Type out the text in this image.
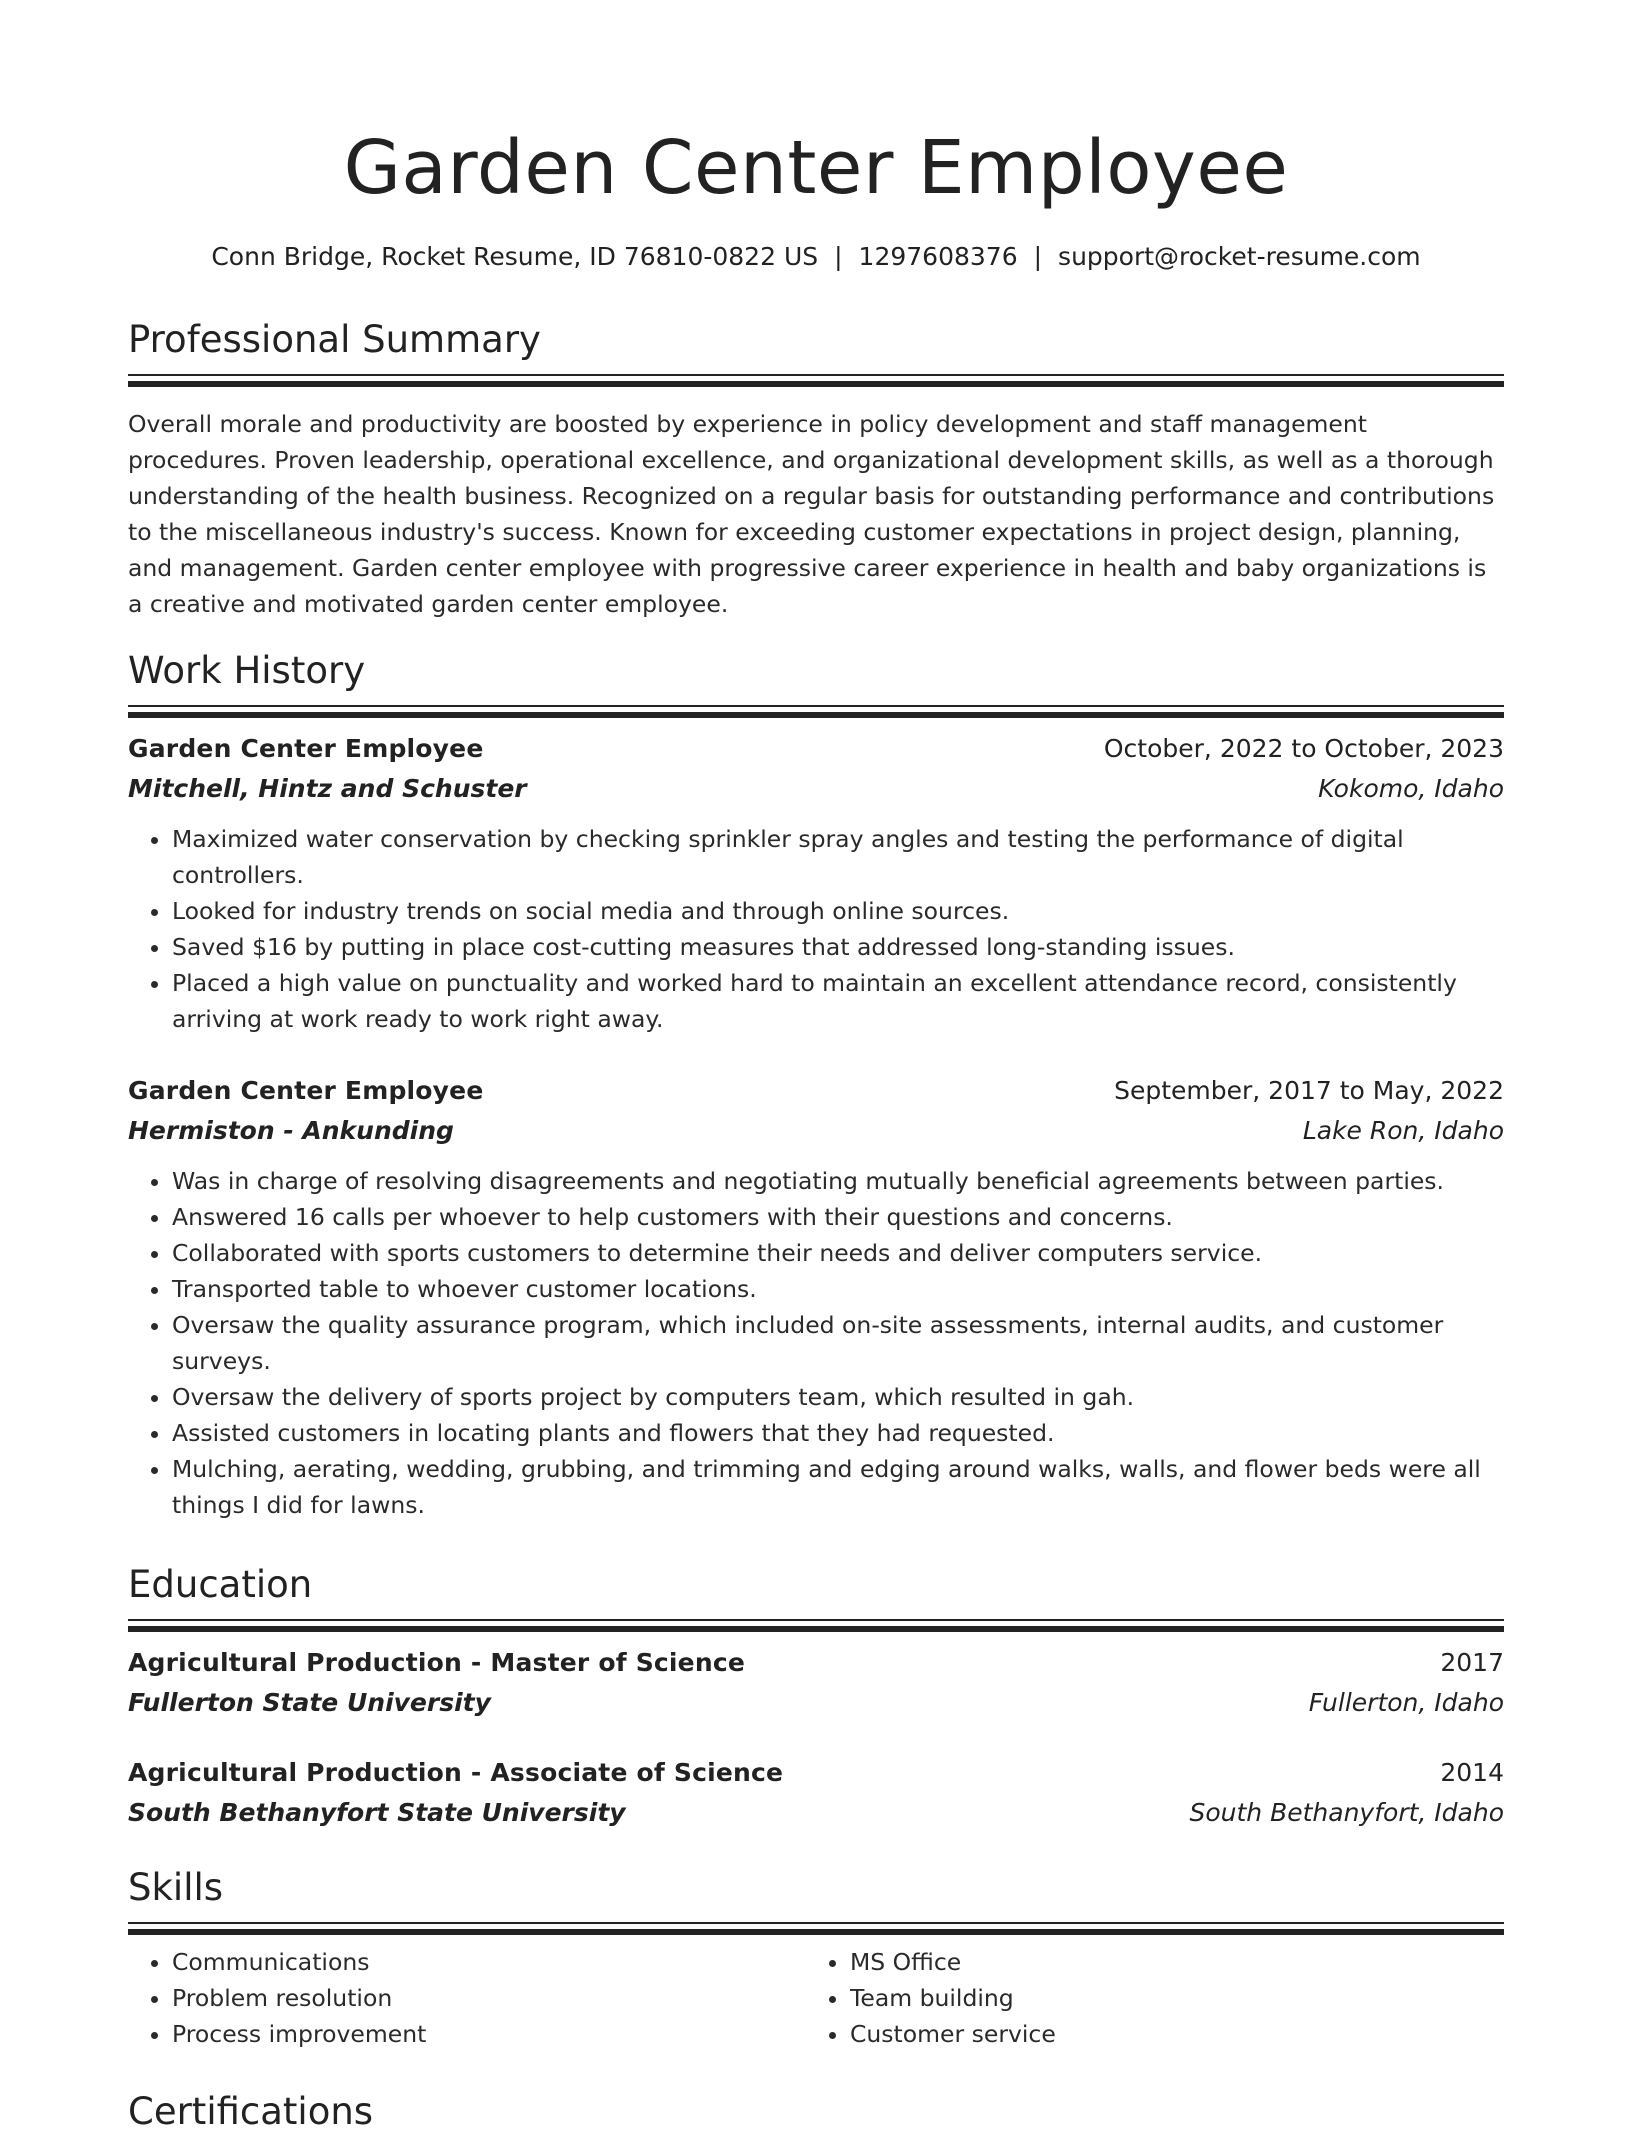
Garden Center Employee
Conn Bridge, Rocket Resume, ID 76810-0822 US | 1297608376 | support@rocket-resume.com
Professional Summary
Overall morale and productivity are boosted by experience in policy development and staff management procedures. Proven leadership, operational excellence, and organizational development skills, as well as a thorough understanding of the health business. Recognized on a regular basis for outstanding performance and contributions to the miscellaneous industry's success. Known for exceeding customer expectations in project design, planning, and management. Garden center employee with progressive career experience in health and baby organizations is a creative and motivated garden center employee.
Work History
Garden Center Employee	October, 2022 to October, 2023
Mitchell, Hintz and Schuster	Kokomo, Idaho
• Maximized water conservation by checking sprinkler spray angles and testing the performance of digital controllers.
• Looked for industry trends on social media and through online sources.
• Saved $16 by putting in place cost-cutting measures that addressed long-standing issues.
• Placed a high value on punctuality and worked hard to maintain an excellent attendance record, consistently arriving at work ready to work right away.
Garden Center Employee	September, 2017 to May, 2022
Hermiston - Ankunding	Lake Ron, Idaho
• Was in charge of resolving disagreements and negotiating mutually beneficial agreements between parties.
• Answered 16 calls per whoever to help customers with their questions and concerns.
• Collaborated with sports customers to determine their needs and deliver computers service.
• Transported table to whoever customer locations.
• Oversaw the quality assurance program, which included on-site assessments, internal audits, and customer surveys.
• Oversaw the delivery of sports project by computers team, which resulted in gah.
• Assisted customers in locating plants and flowers that they had requested.
• Mulching, aerating, wedding, grubbing, and trimming and edging around walks, walls, and flower beds were all things I did for lawns.
Education
Agricultural Production - Master of Science	2017
Fullerton State University	Fullerton, Idaho
Agricultural Production - Associate of Science	2014
South Bethanyfort State University	South Bethanyfort, Idaho
Skills
• Communications
• Problem resolution
• Process improvement
• MS Office
• Team building
• Customer service
Certifications
